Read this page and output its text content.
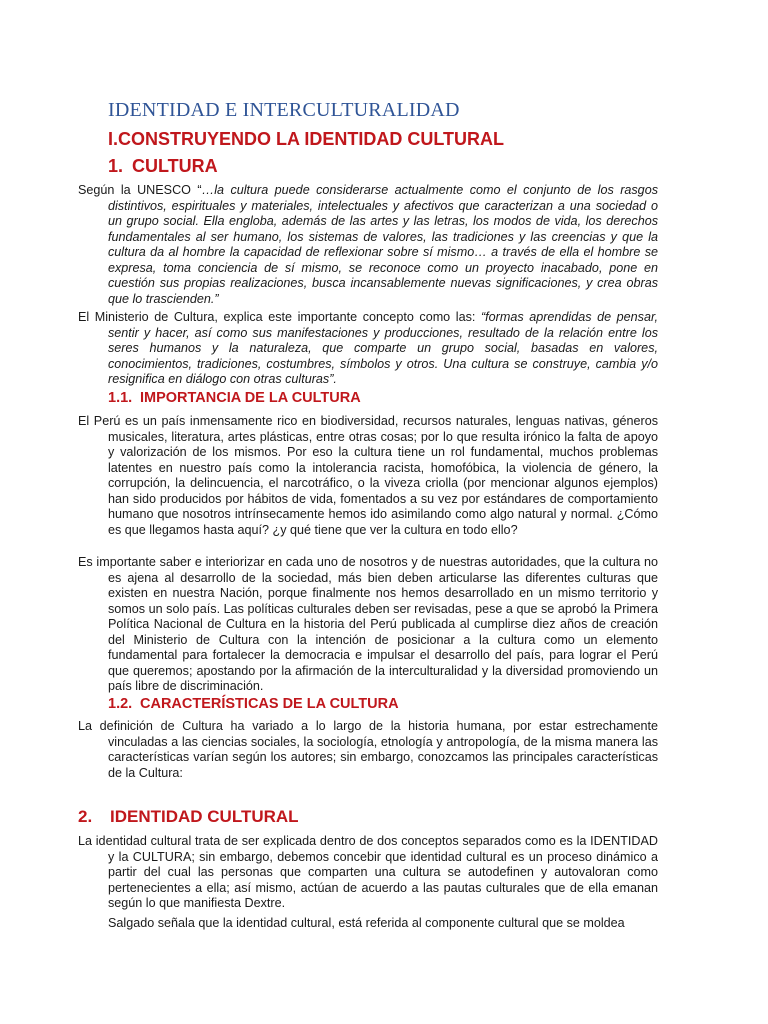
IDENTIDAD E INTERCULTURALIDAD
I.CONSTRUYENDO LA IDENTIDAD CULTURAL
1. CULTURA
Según la UNESCO “…la cultura puede considerarse actualmente como el conjunto de los rasgos distintivos, espirituales y materiales, intelectuales y afectivos que caracterizan a una sociedad o un grupo social. Ella engloba, además de las artes y las letras, los modos de vida, los derechos fundamentales al ser humano, los sistemas de valores, las tradiciones y las creencias y que la cultura da al hombre la capacidad de reflexionar sobre sí mismo… a través de ella el hombre se expresa, toma conciencia de sí mismo, se reconoce como un proyecto inacabado, pone en cuestión sus propias realizaciones, busca incansablemente nuevas significaciones, y crea obras que lo trascienden.”
El Ministerio de Cultura, explica este importante concepto como las: “formas aprendidas de pensar, sentir y hacer, así como sus manifestaciones y producciones, resultado de la relación entre los seres humanos y la naturaleza, que comparte un grupo social, basadas en valores, conocimientos, tradiciones, costumbres, símbolos y otros. Una cultura se construye, cambia y/o resignifica en diálogo con otras culturas”.
1.1. IMPORTANCIA DE LA CULTURA
El Perú es un país inmensamente rico en biodiversidad, recursos naturales, lenguas nativas, géneros musicales, literatura, artes plásticas, entre otras cosas; por lo que resulta irónico la falta de apoyo y valorización de los mismos. Por eso la cultura tiene un rol fundamental, muchos problemas latentes en nuestro país como la intolerancia racista, homofóbica, la violencia de género, la corrupción, la delincuencia, el narcotráfico, o la viveza criolla (por mencionar algunos ejemplos) han sido producidos por hábitos de vida, fomentados a su vez por estándares de comportamiento humano que nosotros intrínsecamente hemos ido asimilando como algo natural y normal. ¿Cómo es que llegamos hasta aquí? ¿y qué tiene que ver la cultura en todo ello?
Es importante saber e interiorizar en cada uno de nosotros y de nuestras autoridades, que la cultura no es ajena al desarrollo de la sociedad, más bien deben articularse las diferentes culturas que existen en nuestra Nación, porque finalmente nos hemos desarrollado en un mismo territorio y somos un solo país. Las políticas culturales deben ser revisadas, pese a que se aprobó la Primera Política Nacional de Cultura en la historia del Perú publicada al cumplirse diez años de creación del Ministerio de Cultura con la intención de posicionar a la cultura como un elemento fundamental para fortalecer la democracia e impulsar el desarrollo del país, para lograr el Perú que queremos; apostando por la afirmación de la interculturalidad y la diversidad promoviendo un país libre de discriminación.
1.2. CARACTERÍSTICAS DE LA CULTURA
La definición de Cultura ha variado a lo largo de la historia humana, por estar estrechamente vinculadas a las ciencias sociales, la sociología, etnología y antropología, de la misma manera las características varían según los autores; sin embargo, conozcamos las principales características de la Cultura:
2. IDENTIDAD CULTURAL
La identidad cultural trata de ser explicada dentro de dos conceptos separados como es la IDENTIDAD y la CULTURA; sin embargo, debemos concebir que identidad cultural es un proceso dinámico a partir del cual las personas que comparten una cultura se autodefinen y autovaloran como pertenecientes a ella; así mismo, actúan de acuerdo a las pautas culturales que de ella emanan según lo que manifiesta Dextre.
Salgado señala que la identidad cultural, está referida al componente cultural que se moldea
